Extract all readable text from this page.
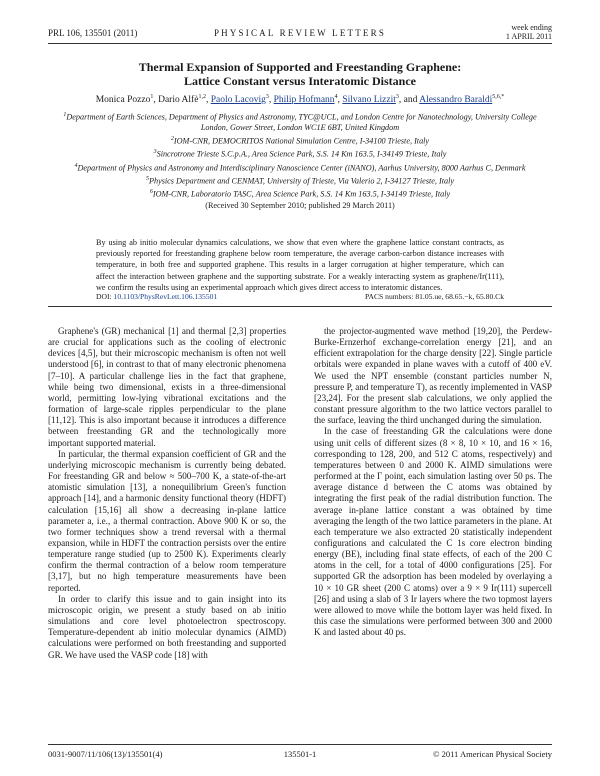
PRL 106, 135501 (2011)	PHYSICAL REVIEW LETTERS
week ending
1 APRIL 2011
Thermal Expansion of Supported and Freestanding Graphene:
Lattice Constant versus Interatomic Distance
Monica Pozzo$^1$, Dario Alfè$^{1,2}$, Paolo Lacovig$^3$, Philip Hofmann$^4$, Silvano Lizzit$^3$, and Alessandro Baraldi$^{5,6,*}$
$^1$Department of Earth Sciences, Department of Physics and Astronomy, TYC@UCL, and London Centre for Nanotechnology, University College London, Gower Street, London WC1E 6BT, United Kingdom
$^2$IOM-CNR, DEMOCRITOS National Simulation Centre, I-34100 Trieste, Italy
$^3$Sincrotrone Trieste S.C.p.A., Area Science Park, S.S. 14 Km 163.5, I-34149 Trieste, Italy
$^4$Department of Physics and Astronomy and Interdisciplinary Nanoscience Center (iNANO), Aarhus University, 8000 Aarhus C, Denmark
$^5$Physics Department and CENMAT, University of Trieste, Via Valerio 2, I-34127 Trieste, Italy
$^6$IOM-CNR, Laboratorio TASC, Area Science Park, S.S. 14 Km 163.5, I-34149 Trieste, Italy
(Received 30 September 2010; published 29 March 2011)
By using ab initio molecular dynamics calculations, we show that even where the graphene lattice constant contracts, as previously reported for freestanding graphene below room temperature, the average carbon-carbon distance increases with temperature, in both free and supported graphene. This results in a larger corrugation at higher temperature, which can affect the interaction between graphene and the supporting substrate. For a weakly interacting system as graphene/Ir(111), we confirm the results using an experimental approach which gives direct access to interatomic distances.
DOI: 10.1103/PhysRevLett.106.135501	PACS numbers: 81.05.ue, 68.65.−k, 65.80.Ck

Graphene's (GR) mechanical [1] and thermal [2,3] properties are crucial for applications such as the cooling of electronic devices [4,5], but their microscopic mechanism is often not well understood [6], in contrast to that of many electronic phenomena [7–10]. A particular challenge lies in the fact that graphene, while being two dimensional, exists in a three-dimensional world, permitting low-lying vibrational excitations and the formation of large-scale ripples perpendicular to the plane [11,12]. This is also important because it introduces a difference between freestanding GR and the technologically more important supported material.

In particular, the thermal expansion coefficient of GR and the underlying microscopic mechanism is currently being debated. For freestanding GR and below ≈ 500–700 K, a state-of-the-art atomistic simulation [13], a nonequilibrium Green's function approach [14], and a harmonic density functional theory (HDFT) calculation [15,16] all show a decreasing in-plane lattice parameter a, i.e., a thermal contraction. Above 900 K or so, the two former techniques show a trend reversal with a thermal expansion, while in HDFT the contraction persists over the entire temperature range studied (up to 2500 K). Experiments clearly confirm the thermal contraction of a below room temperature [3,17], but no high temperature measurements have been reported.

In order to clarify this issue and to gain insight into its microscopic origin, we present a study based on ab initio simulations and core level photoelectron spectroscopy. Temperature-dependent ab initio molecular dynamics (AIMD) calculations were performed on both freestanding and supported GR. We have used the VASP code [18] with

the projector-augmented wave method [19,20], the Perdew-Burke-Ernzerhof exchange-correlation energy [21], and an efficient extrapolation for the charge density [22]. Single particle orbitals were expanded in plane waves with a cutoff of 400 eV. We used the NPT ensemble (constant particles number N, pressure P, and temperature T), as recently implemented in VASP [23,24]. For the present slab calculations, we only applied the constant pressure algorithm to the two lattice vectors parallel to the surface, leaving the third unchanged during the simulation.

In the case of freestanding GR the calculations were done using unit cells of different sizes (8 × 8, 10 × 10, and 16 × 16, corresponding to 128, 200, and 512 C atoms, respectively) and temperatures between 0 and 2000 K. AIMD simulations were performed at the Γ point, each simulation lasting over 50 ps. The average distance d between the C atoms was obtained by integrating the first peak of the radial distribution function. The average in-plane lattice constant a was obtained by time averaging the length of the two lattice parameters in the plane. At each temperature we also extracted 20 statistically independent configurations and calculated the C 1s core electron binding energy (BE), including final state effects, of each of the 200 C atoms in the cell, for a total of 4000 configurations [25]. For supported GR the adsorption has been modeled by overlaying a 10 × 10 GR sheet (200 C atoms) over a 9 × 9 Ir(111) supercell [26] and using a slab of 3 Ir layers where the two topmost layers were allowed to move while the bottom layer was held fixed. In this case the simulations were performed between 300 and 2000 K and lasted about 40 ps.

0031-9007/11/106(13)/135501(4)	135501-1	© 2011 American Physical Society
